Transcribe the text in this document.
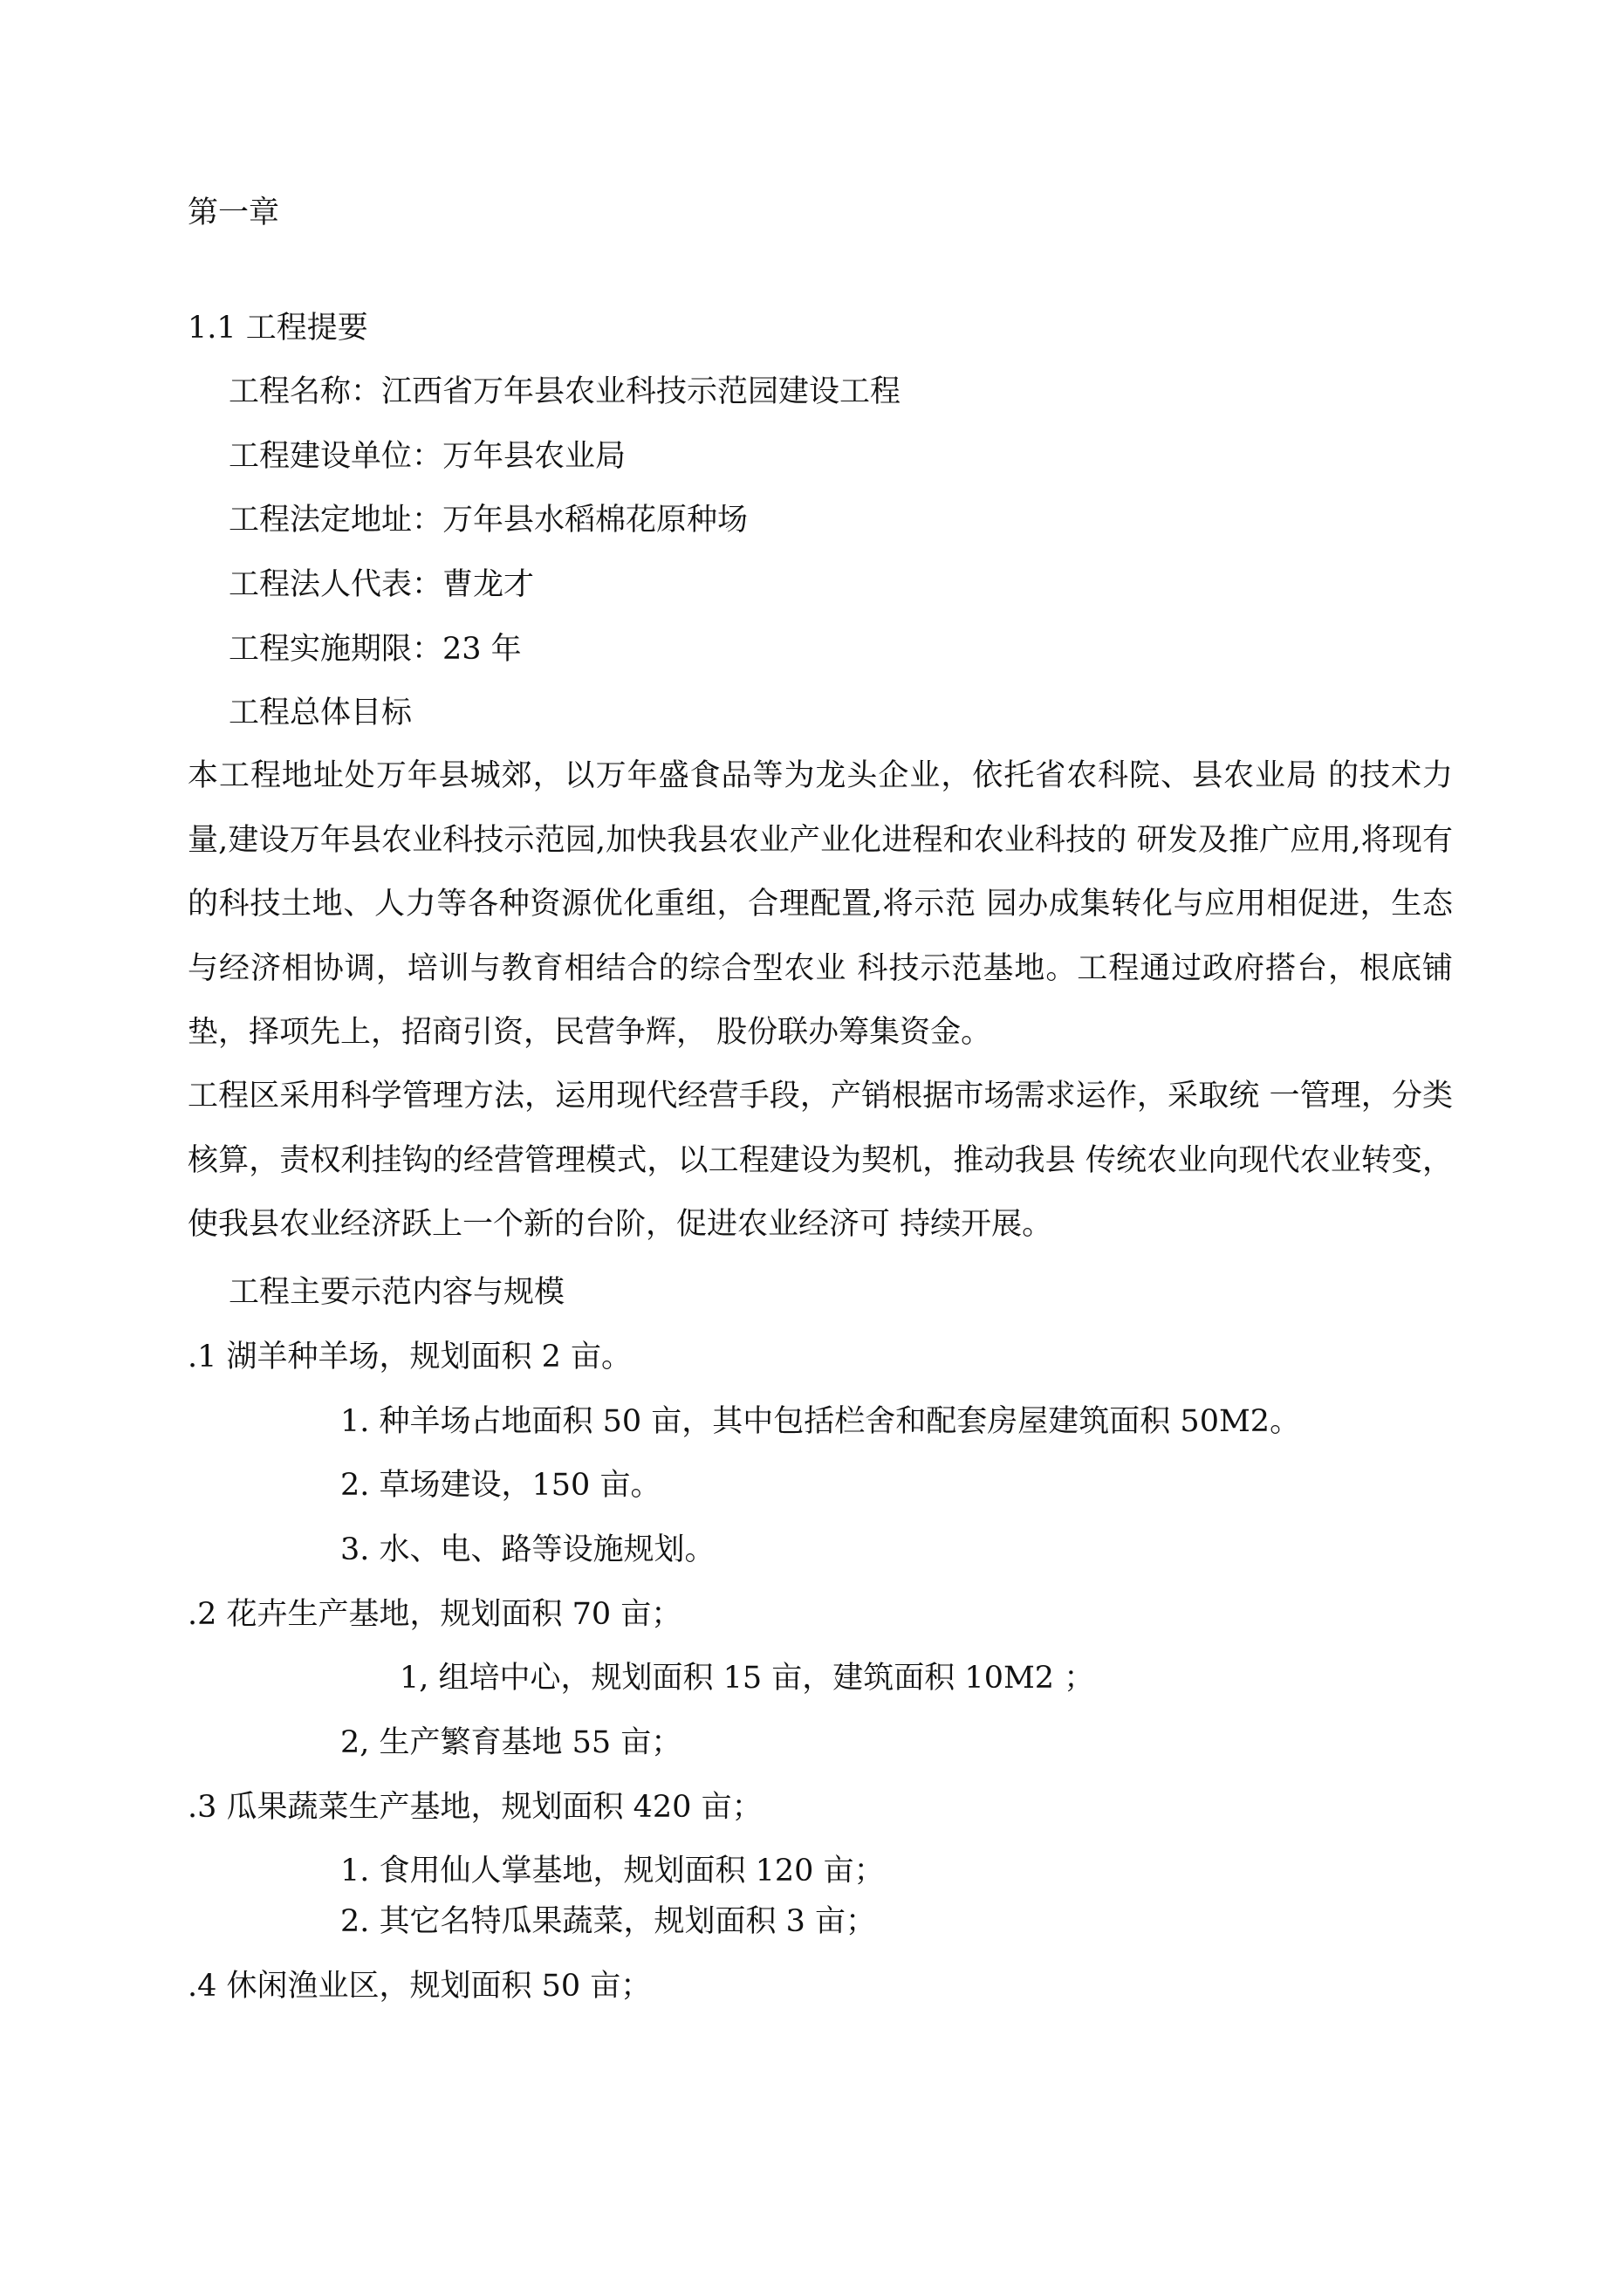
第一章
1.1 工程提要
工程名称：江西省万年县农业科技示范园建设工程
工程建设单位：万年县农业局
工程法定地址：万年县水稻棉花原种场
工程法人代表：曹龙才
工程实施期限：23 年
工程总体目标
本工程地址处万年县城郊，以万年盛食品等为龙头企业，依托省农科院、县农业局 的技术力量,建设万年县农业科技示范园,加快我县农业产业化进程和农业科技的 研发及推广应用,将现有的科技土地、人力等各种资源优化重组，合理配置,将示范 园办成集转化与应用相促进，生态与经济相协调，培训与教育相结合的综合型农业 科技示范基地。工程通过政府搭台，根底铺垫，择项先上，招商引资，民营争辉， 股份联办筹集资金。
工程区采用科学管理方法，运用现代经营手段，产销根据市场需求运作，采取统 一管理，分类核算，责权利挂钩的经营管理模式，以工程建设为契机，推动我县 传统农业向现代农业转变，使我县农业经济跃上一个新的台阶，促进农业经济可 持续开展。
工程主要示范内容与规模
.1 湖羊种羊场，规划面积 2 亩。
1. 种羊场占地面积 50 亩，其中包括栏舍和配套房屋建筑面积 50M2。
2. 草场建设，150 亩。
3. 水、电、路等设施规划。
.2 花卉生产基地，规划面积 70 亩；
1, 组培中心，规划面积 15 亩，建筑面积 10M2 ；
2, 生产繁育基地 55 亩；
.3 瓜果蔬菜生产基地，规划面积 420 亩；
1. 食用仙人掌基地，规划面积 120 亩；
2. 其它名特瓜果蔬菜，规划面积 3 亩；
.4 休闲渔业区，规划面积 50 亩；
